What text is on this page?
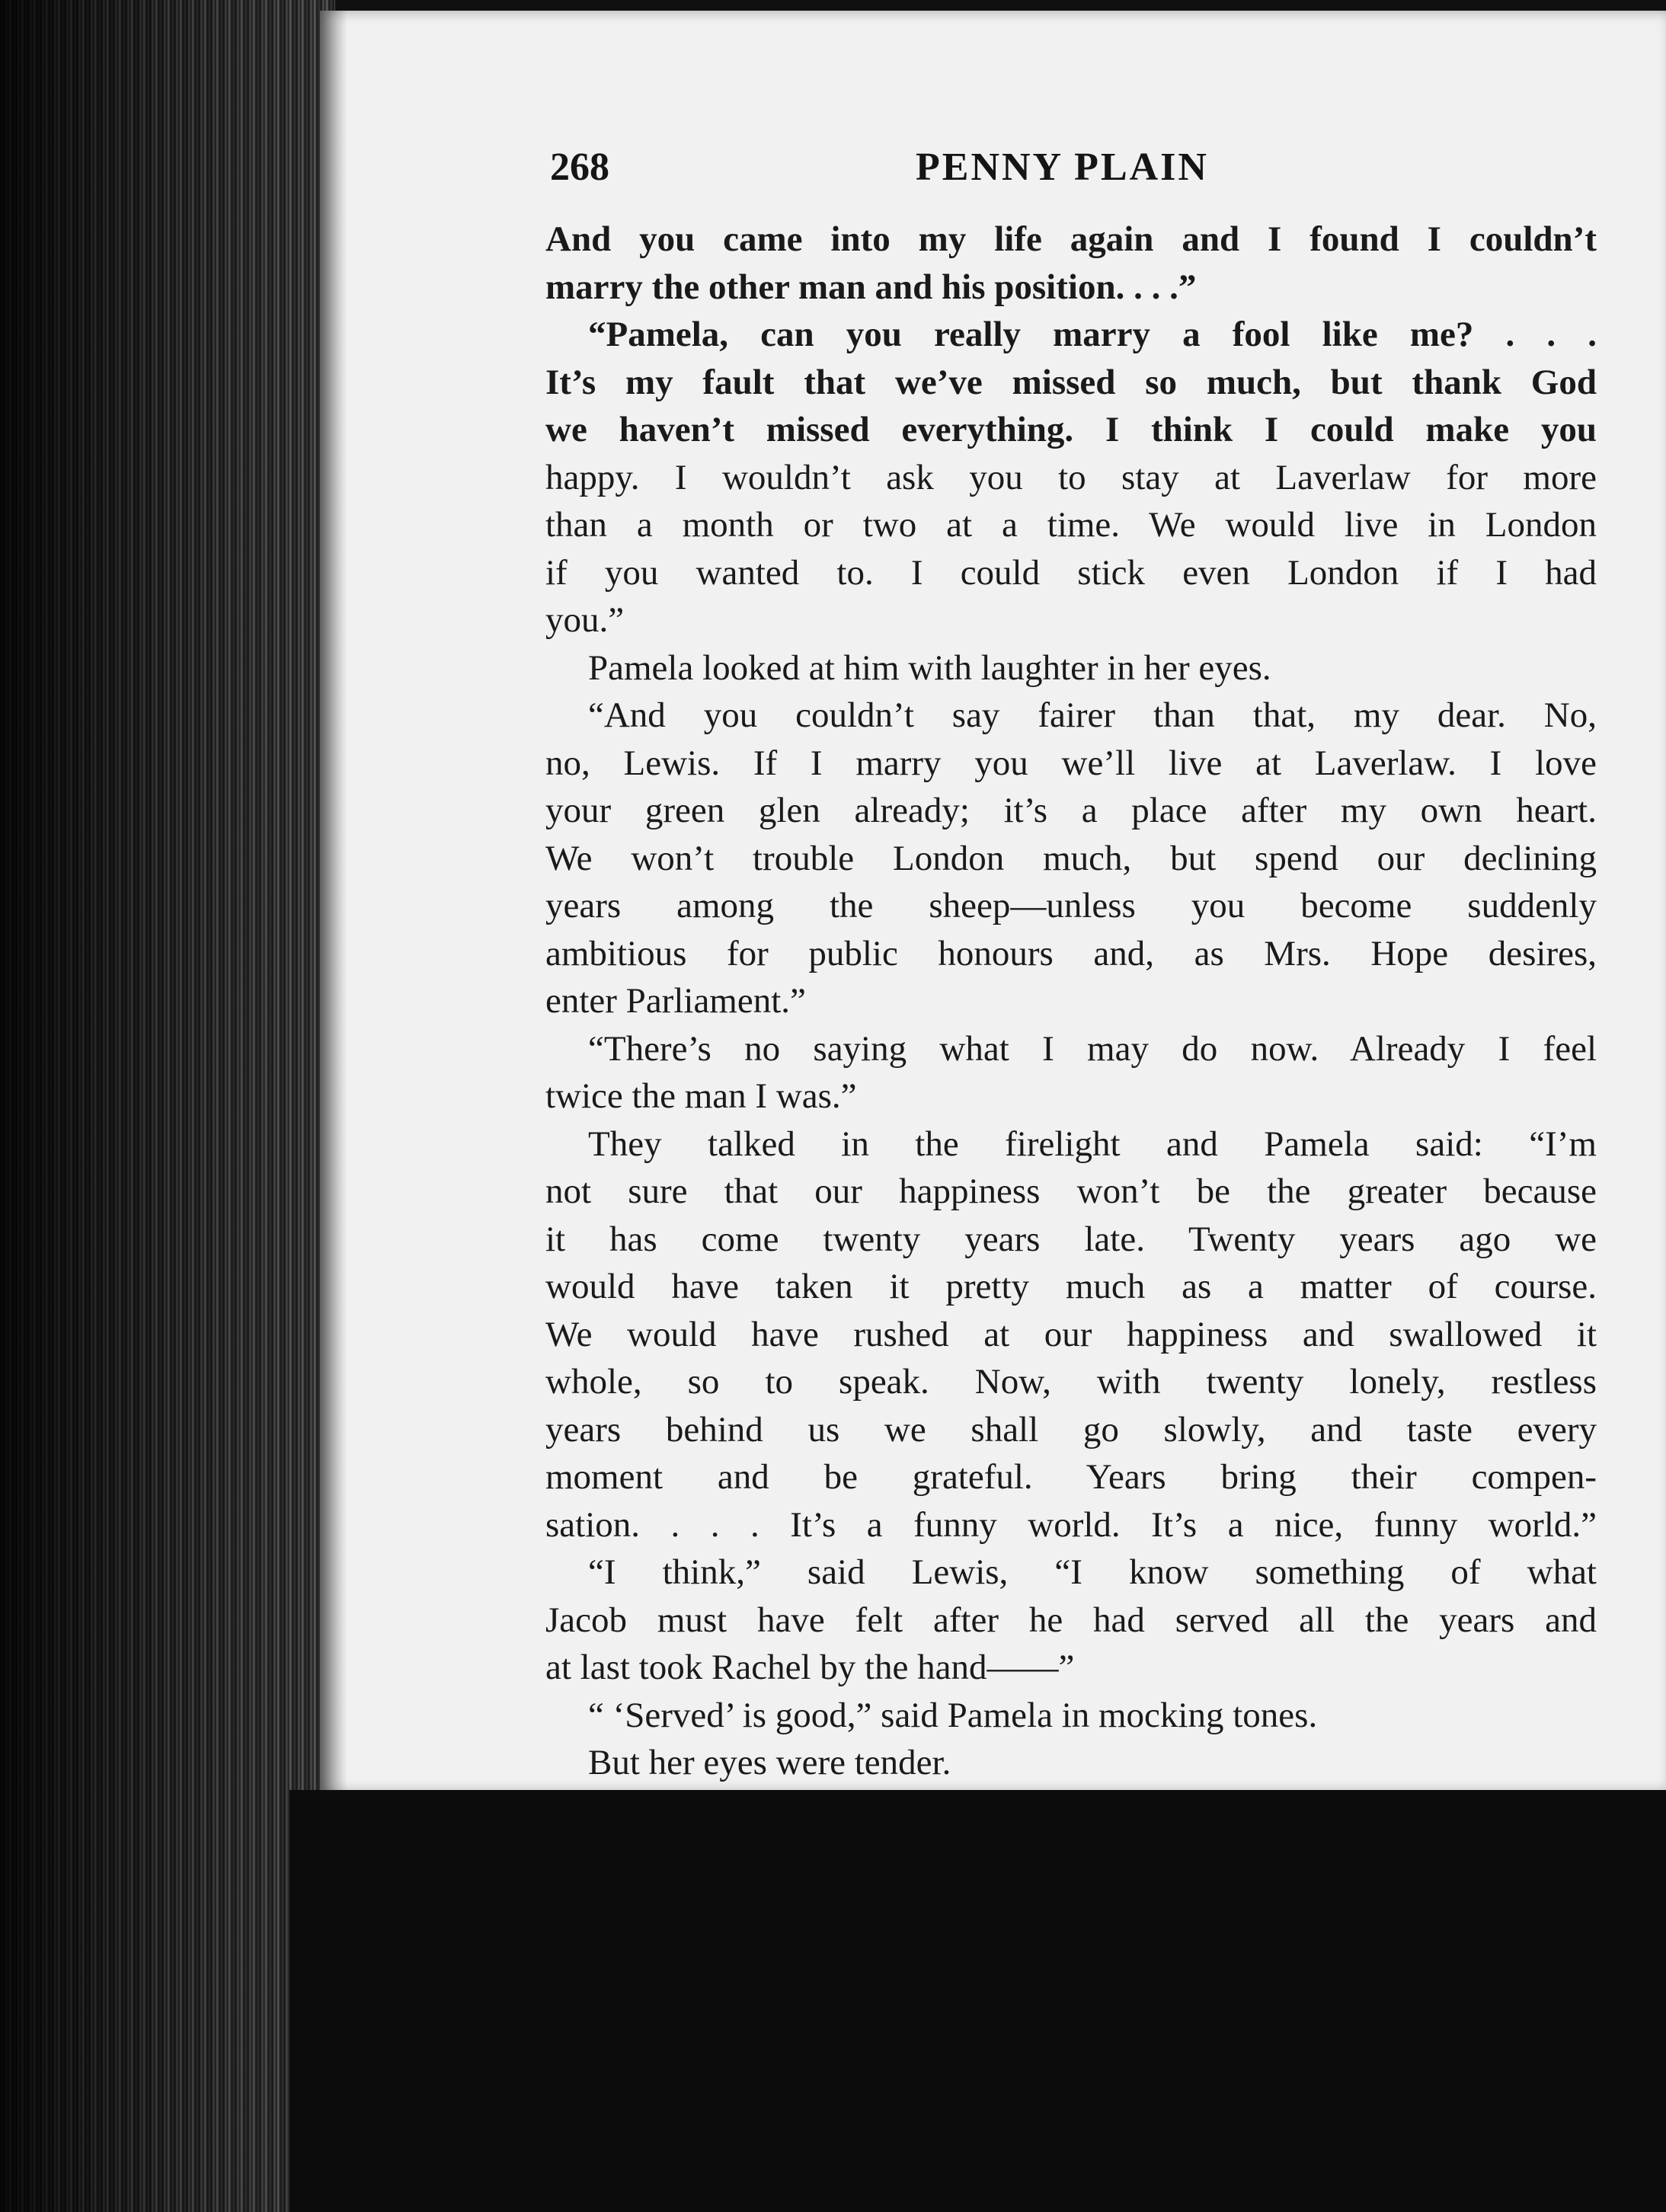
268	PENNY PLAIN
And you came into my life again and I found I couldn’t
marry the other man and his position. . . .”
“Pamela, can you really marry a fool like me? . . .
It’s my fault that we’ve missed so much, but thank God
we haven’t missed everything. I think I could make you
happy. I wouldn’t ask you to stay at Laverlaw for more
than a month or two at a time. We would live in London
if you wanted to. I could stick even London if I had
you.”
Pamela looked at him with laughter in her eyes.
“And you couldn’t say fairer than that, my dear. No,
no, Lewis. If I marry you we’ll live at Laverlaw. I love
your green glen already; it’s a place after my own heart.
We won’t trouble London much, but spend our declining
years among the sheep—unless you become suddenly
ambitious for public honours and, as Mrs. Hope desires,
enter Parliament.”
“There’s no saying what I may do now. Already I feel
twice the man I was.”
They talked in the firelight and Pamela said: “I’m
not sure that our happiness won’t be the greater because
it has come twenty years late. Twenty years ago we
would have taken it pretty much as a matter of course.
We would have rushed at our happiness and swallowed it
whole, so to speak. Now, with twenty lonely, restless
years behind us we shall go slowly, and taste every
moment and be grateful. Years bring their compen-
sation. . . . It’s a funny world. It’s a nice, funny world.”
“I think,” said Lewis, “I know something of what
Jacob must have felt after he had served all the years and
at last took Rachel by the hand——”
“ ‘Served’ is good,” said Pamela in mocking tones.
But her eyes were tender.
